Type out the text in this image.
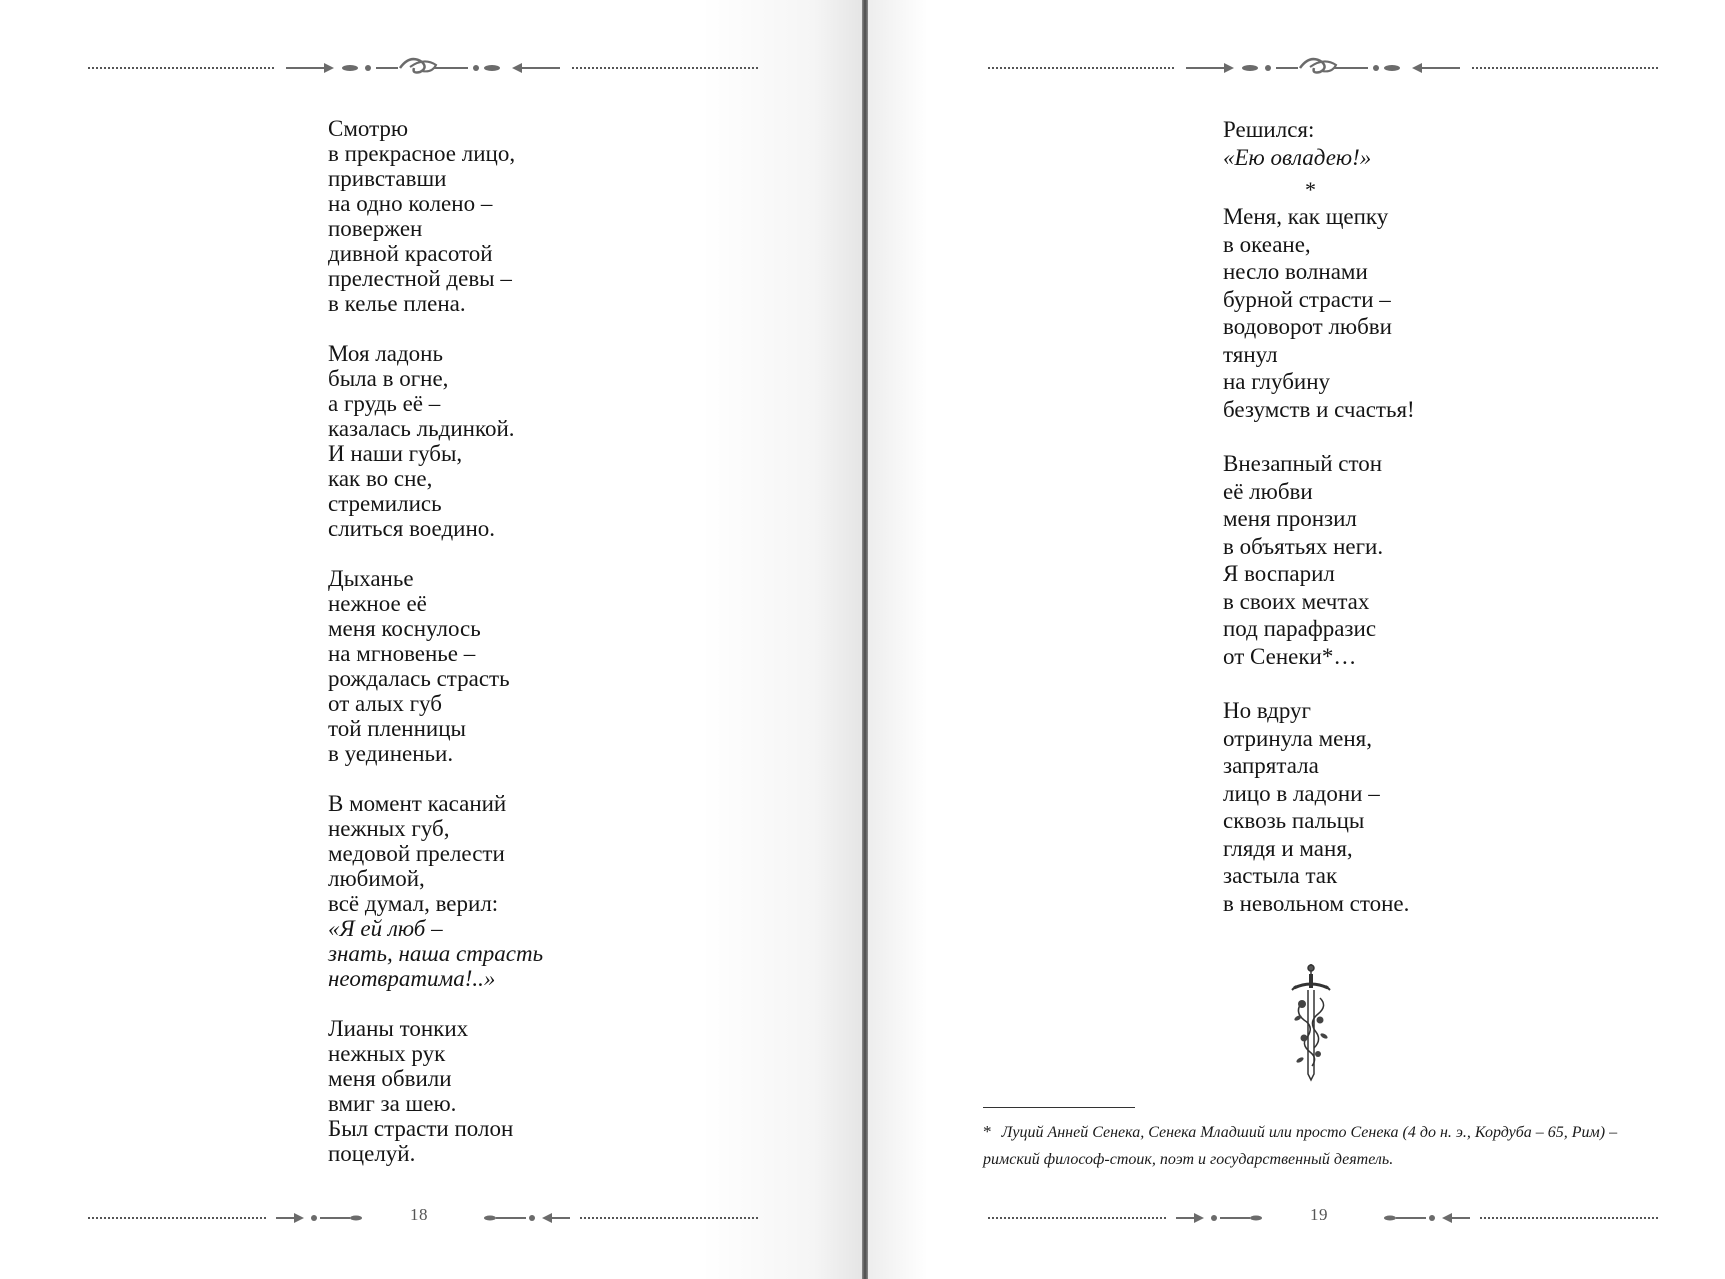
Смотрю
в прекрасное лицо,
привставши
на одно колено –
повержен
дивной красотой
прелестной девы –
в келье плена.
Моя ладонь
была в огне,
а грудь её –
казалась льдинкой.
И наши губы,
как во сне,
стремились
слиться воедино.
Дыханье
нежное её
меня коснулось
на мгновенье –
рождалась страсть
от алых губ
той пленницы
в уединеньи.
В момент касаний
нежных губ,
медовой прелести
любимой,
всё думал, верил:
«Я ей люб –
знать, наша страсть
неотвратима!..»
Лианы тонких
нежных рук
меня обвили
вмиг за шею.
Был страсти полон
поцелуй.
18
Решился:
«Ею овладею!»
*
Меня, как щепку
в океане,
несло волнами
бурной страсти –
водоворот любви
тянул
на глубину
безумств и счастья!
Внезапный стон
её любви
меня пронзил
в объятьях неги.
Я воспарил
в своих мечтах
под парафразис
от Сенеки*…
Но вдруг
отринула меня,
запрятала
лицо в ладони –
сквозь пальцы
глядя и маня,
застыла так
в невольном стоне.
* Луций Анней Сенека, Сенека Младший или просто Сенека (4 до н. э., Кордуба – 65, Рим) – римский философ-стоик, поэт и государственный деятель.
19
